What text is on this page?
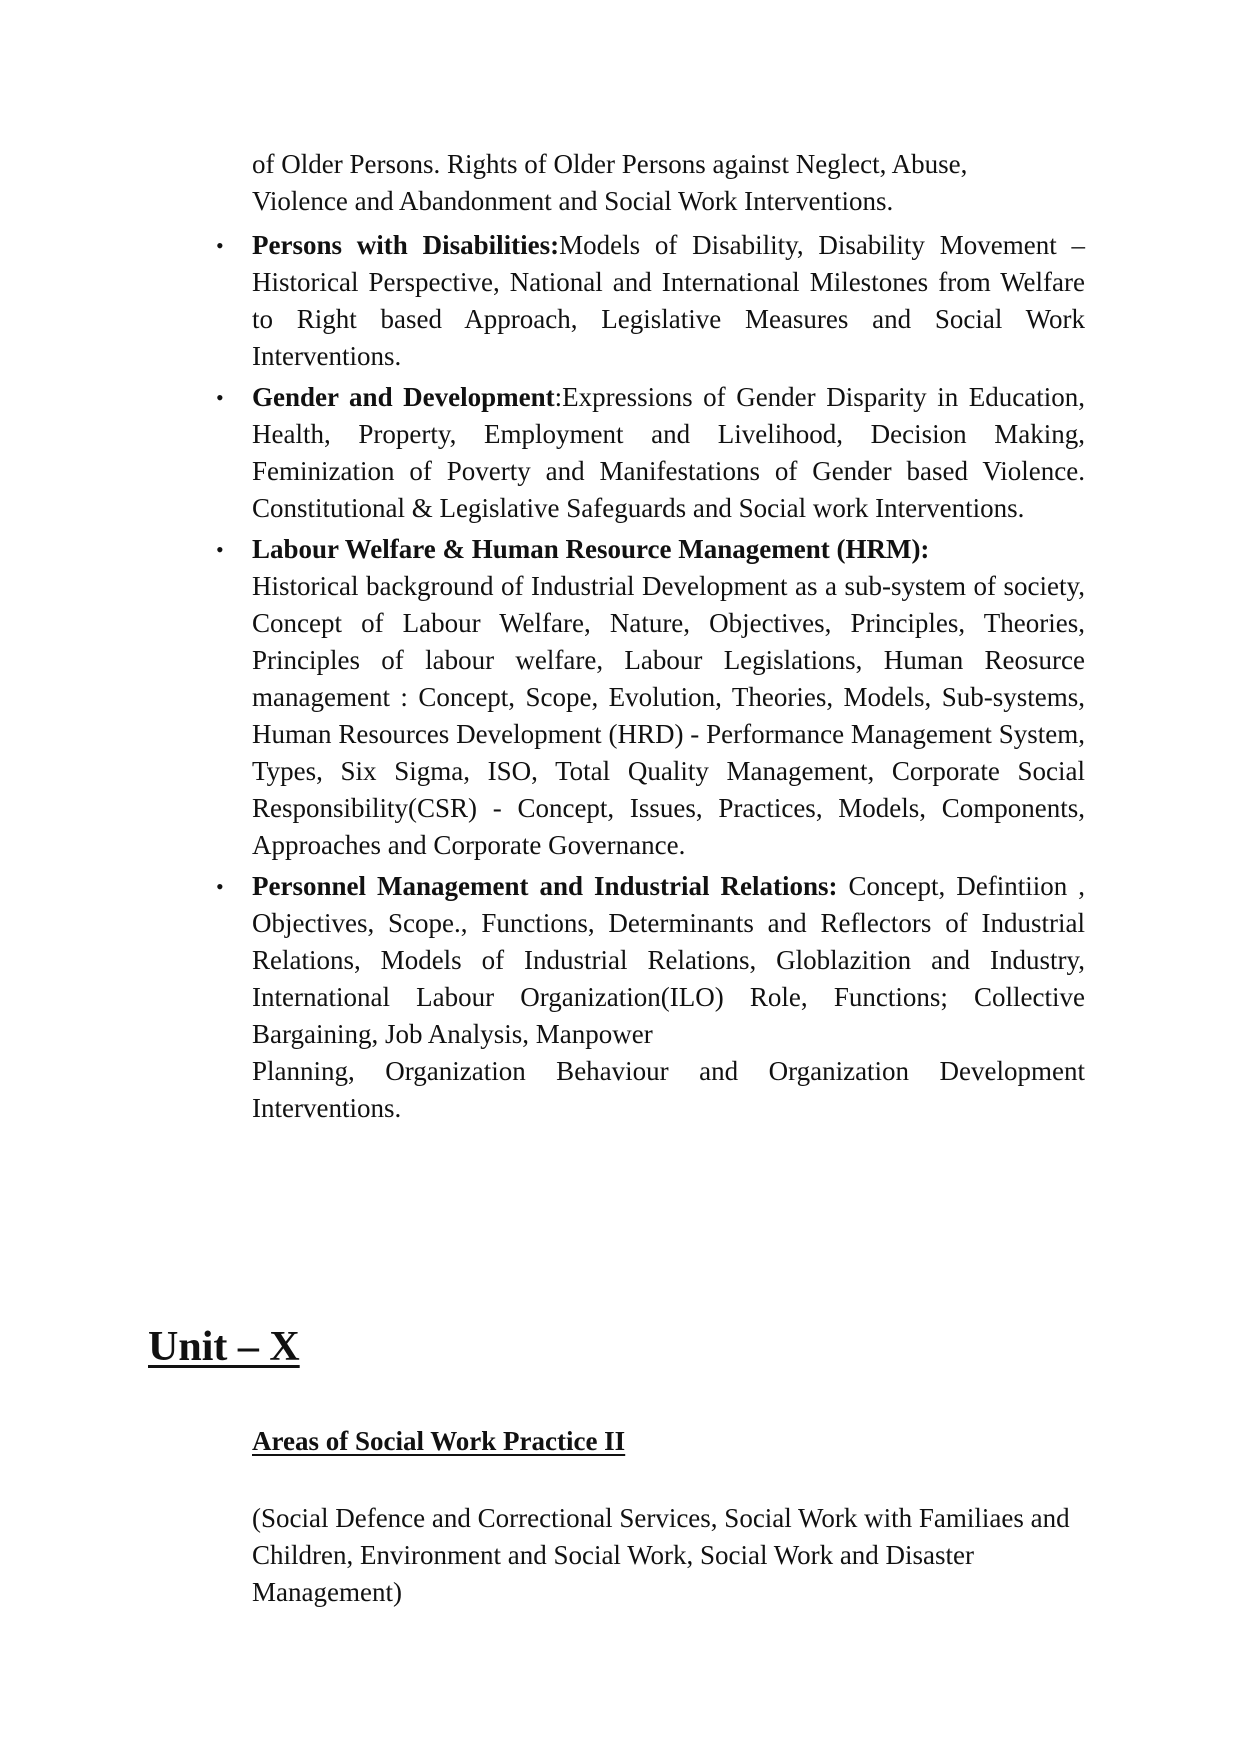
of Older Persons. Rights of Older Persons against Neglect, Abuse,
Violence and Abandonment and Social Work Interventions.
• Persons with Disabilities:Models of Disability, Disability Movement – Historical Perspective, National and International Milestones from Welfare to Right based Approach, Legislative Measures and Social Work Interventions.
• Gender and Development:Expressions of Gender Disparity in Education, Health, Property, Employment and Livelihood, Decision Making, Feminization of Poverty and Manifestations of Gender based Violence. Constitutional & Legislative Safeguards and Social work Interventions.
• Labour Welfare & Human Resource Management (HRM):
Historical background of Industrial Development as a sub-system of society, Concept of Labour Welfare, Nature, Objectives, Principles, Theories, Principles of labour welfare, Labour Legislations, Human Reosurce management : Concept, Scope, Evolution, Theories, Models, Sub-systems, Human Resources Development (HRD) - Performance Management System, Types, Six Sigma, ISO, Total Quality Management, Corporate Social Responsibility(CSR) - Concept, Issues, Practices, Models, Components, Approaches and Corporate Governance.
• Personnel Management and Industrial Relations: Concept, Defintiion , Objectives, Scope., Functions, Determinants and Reflectors of Industrial Relations, Models of Industrial Relations, Globlazition and Industry, International Labour Organization(ILO) Role, Functions; Collective Bargaining, Job Analysis, Manpower
Planning, Organization Behaviour and Organization Development Interventions.
Unit – X
Areas of Social Work Practice II
(Social Defence and Correctional Services, Social Work with Familiaes and Children, Environment and Social Work, Social Work and Disaster Management)
